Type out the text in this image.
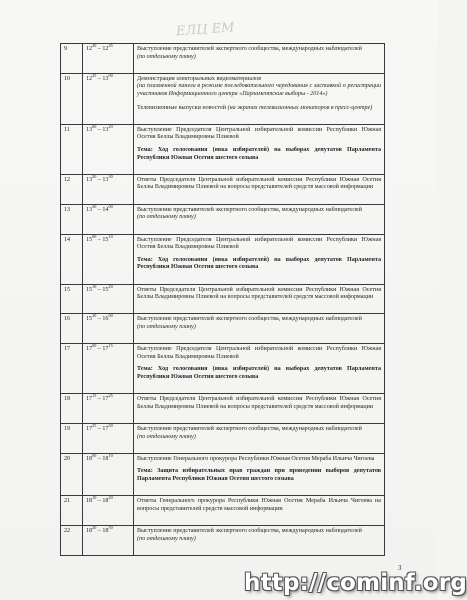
ЕЛЦ ЕМ
9	$12^{40} - 12^{45}$	Выступление представителей экспертного сообщества, международных наблюдателей
(по отдельному плану)

10	$12^{45} - 13^{00}$	Демонстрация электоральных видеоматериалов
(на плазменной панели в режиме последовательного чередования с заставкой о регистрации участников Информационного центра «Парламентские выборы - 2014»)
Телевизионные выпуски новостей (на экранах телевизионных мониторов в пресс-центре)

11	$13^{00} - 13^{20}$	Выступление Председателя Центральной избирательной комиссии Республики Южная Осетия Беллы Владимировны Плиевой
Тема: Ход голосования (явка избирателей) на выборах депутатов Парламента Республики Южная Осетия шестого созыва

12	$13^{20} - 13^{30}$	Ответы Председателя Центральной избирательной комиссии Республики Южная Осетия Беллы Владимировны Плиевой на вопросы представителей средств массовой информации

13	$13^{30} - 14^{00}$	Выступление представителей экспертного сообщества, международных наблюдателей
(по отдельному плану)

14	$15^{00} - 15^{10}$	Выступление Председателя Центральной избирательной комиссии Республики Южная Осетия Беллы Владимировны Плиевой
Тема: Ход голосования (явка избирателей) на выборах депутатов Парламента Республики Южная Осетия шестого созыва

15	$15^{10} - 15^{20}$	Ответы Председателя Центральной избирательной комиссии Республики Южная Осетия Беллы Владимировны Плиевой на вопросы представителей средств массовой информации

16	$15^{20} - 16^{00}$	Выступление представителей экспертного сообщества, международных наблюдателей
(по отдельному плану)

17	$17^{00} - 17^{15}$	Выступление Председателя Центральной избирательной комиссии Республики Южная Осетия Беллы Владимировны Плиевой
Тема: Ход голосования (явка избирателей) на выборах депутатов Парламента Республики Южная Осетия шестого созыва

18	$17^{15} - 17^{25}$	Ответы Председателя Центральной избирательной комиссии Республики Южная Осетия Беллы Владимировны Плиевой на вопросы представителей средств массовой информации

19	$17^{25} - 17^{50}$	Выступление представителей экспертного сообщества, международных наблюдателей
(по отдельному плану)

20	$18^{00} - 18^{10}$	Выступление Генерального прокурора Республики Южная Осетия Мераба Ильича Чигоева
Тема: Защита избирательных прав граждан при проведении выборов депутатов Парламента Республики Южная Осетия шестого созыва

21	$18^{10} - 18^{20}$	Ответы Генерального прокурора Республики Южная Осетия Мераба Ильича Чигоева на вопросы представителей средств массовой информации

22	$18^{20} - 18^{50}$	Выступление представителей экспертного сообщества, международных наблюдателей
(по отдельному плану)
3
http://cominf.org
